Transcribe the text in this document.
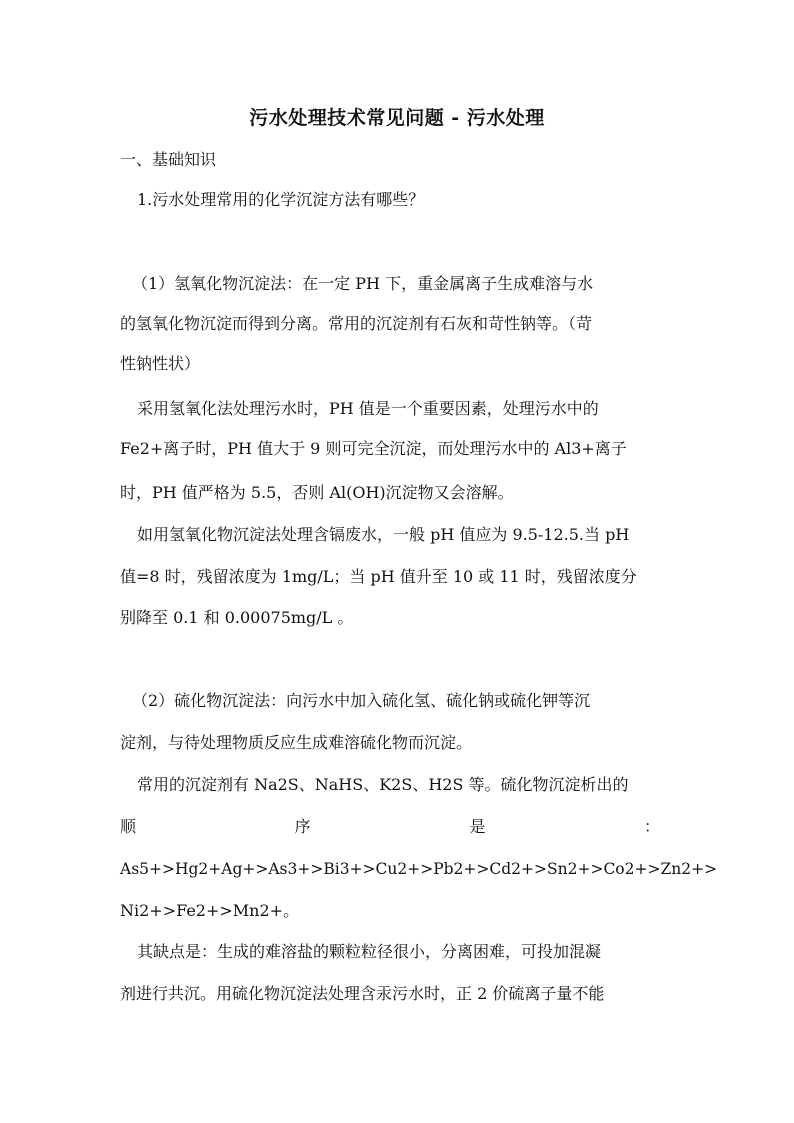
污水处理技术常见问题 - 污水处理
一、基础知识
1.污水处理常用的化学沉淀方法有哪些？
（1）氢氧化物沉淀法：在一定 PH 下，重金属离子生成难溶与水
的氢氧化物沉淀而得到分离。常用的沉淀剂有石灰和苛性钠等。（苛
性钠性状）
采用氢氧化法处理污水时，PH 值是一个重要因素，处理污水中的
Fe2+离子时，PH 值大于 9 则可完全沉淀，而处理污水中的 Al3+离子
时，PH 值严格为 5.5，否则 Al(OH)沉淀物又会溶解。
如用氢氧化物沉淀法处理含镉废水，一般 pH 值应为 9.5-12.5.当 pH
值=8 时，残留浓度为 1mg/L；当 pH 值升至 10 或 11 时，残留浓度分
别降至 0.1 和 0.00075mg/L 。
（2）硫化物沉淀法：向污水中加入硫化氢、硫化钠或硫化钾等沉
淀剂，与待处理物质反应生成难溶硫化物而沉淀。
常用的沉淀剂有 Na2S、NaHS、K2S、H2S 等。硫化物沉淀析出的
顺	序	是	：
As5+>Hg2+Ag+>As3+>Bi3+>Cu2+>Pb2+>Cd2+>Sn2+>Co2+>Zn2+>
Ni2+>Fe2+>Mn2+。
其缺点是：生成的难溶盐的颗粒粒径很小，分离困难，可投加混凝
剂进行共沉。用硫化物沉淀法处理含汞污水时，正 2 价硫离子量不能
